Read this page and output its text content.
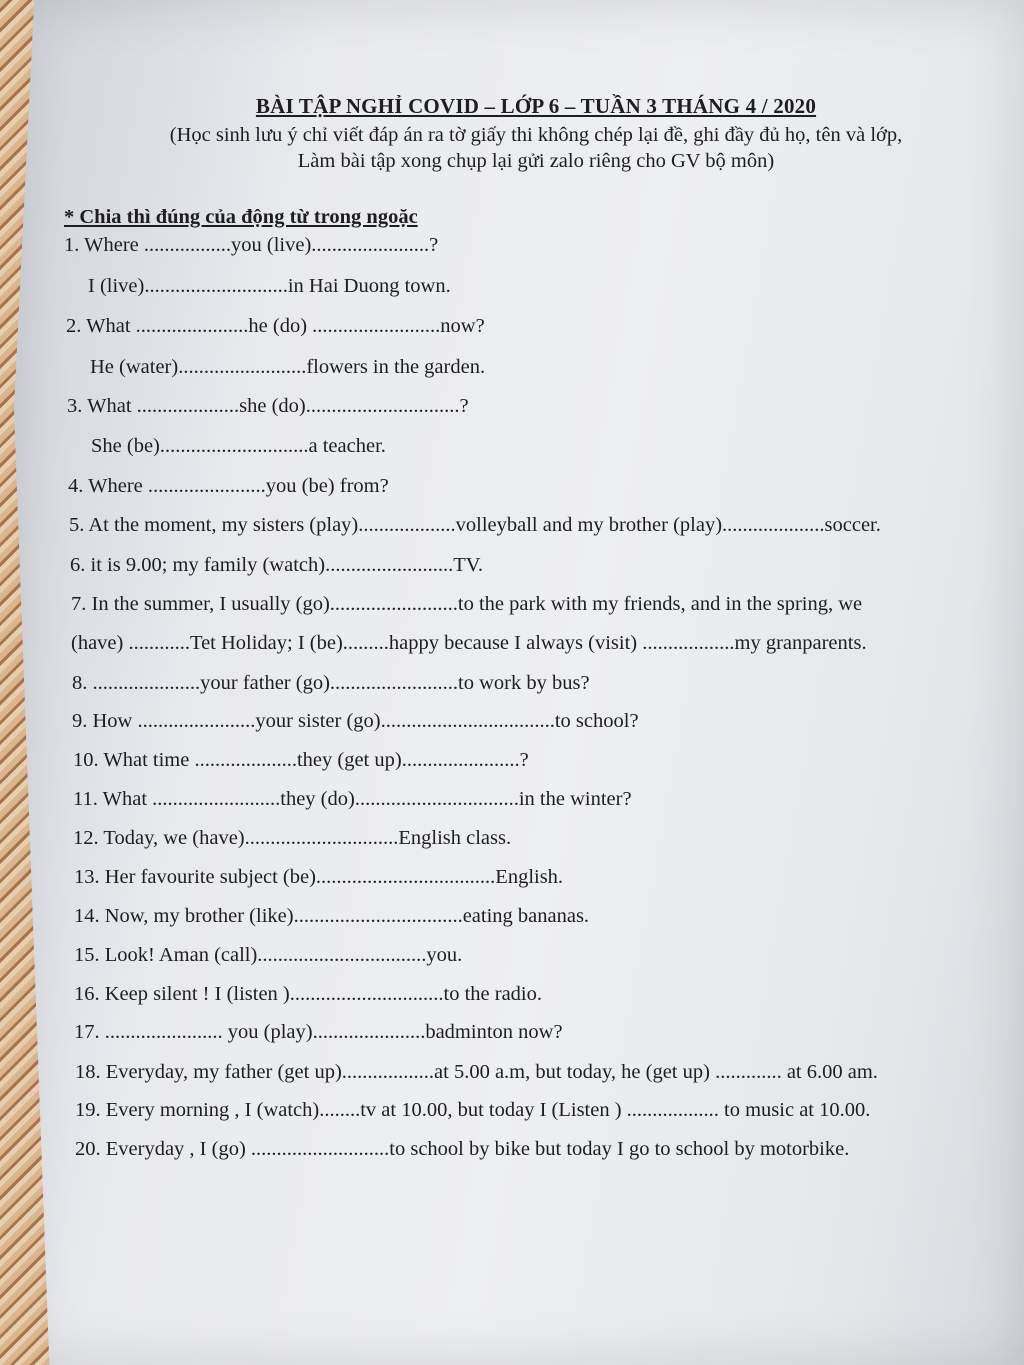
BÀI TẬP NGHỈ COVID – LỚP 6 – TUẦN 3 THÁNG 4 / 2020
(Học sinh lưu ý chỉ viết đáp án ra tờ giấy thi không chép lại đề, ghi đầy đủ họ, tên và lớp,
Làm bài tập xong chụp lại gửi zalo riêng cho GV bộ môn)
* Chia thì đúng của động từ trong ngoặc
1. Where .................you (live).......................?
I (live)............................in Hai Duong town.
2. What ......................he (do) .........................now?
He (water).........................flowers in the garden.
3. What ....................she (do)..............................?
She (be).............................a teacher.
4. Where .......................you (be) from?
5. At the moment, my sisters (play)...................volleyball and my brother (play)....................soccer.
6. it is 9.00; my family (watch).........................TV.
7. In the summer, I usually (go).........................to the park with my friends, and in the spring, we
(have) ............Tet Holiday; I (be).........happy because I always (visit) ..................my granparents.
8. .....................your father (go).........................to work by bus?
9. How .......................your sister (go)..................................to school?
10. What time ....................they (get up).......................?
11. What .........................they (do)................................in the winter?
12. Today, we (have)..............................English class.
13. Her favourite subject (be)...................................English.
14. Now, my brother (like).................................eating bananas.
15. Look! Aman (call).................................you.
16. Keep silent ! I (listen )..............................to the radio.
17. ....................... you (play)......................badminton now?
18. Everyday, my father (get up)..................at 5.00 a.m, but today, he (get up) ............. at 6.00 am.
19. Every morning , I (watch)........tv at 10.00, but today I (Listen ) .................. to music at 10.00.
20. Everyday , I (go) ...........................to school by bike but today I go to school by motorbike.
